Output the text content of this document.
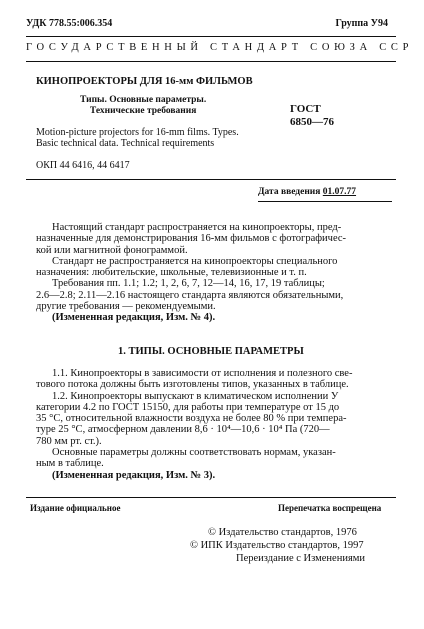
УДК 778.55:006.354	Группа У94
ГОСУДАРСТВЕННЫЙ СТАНДАРТ СОЮЗА ССР
КИНОПРОЕКТОРЫ ДЛЯ 16-мм ФИЛЬМОВ
Типы. Основные параметры.
Технические требования	ГОСТ
6850—76
Motion-picture projectors for 16-mm films. Types.
Basic technical data. Technical requirements
ОКП 44 6416, 44 6417
Дата введения 01.07.77
Настоящий стандарт распространяется на кинопроекторы, пред-
назначенные для демонстрирования 16-мм фильмов с фотографичес-
кой или магнитной фонограммой.
Стандарт не распространяется на кинопроекторы специального
назначения: любительские, школьные, телевизионные и т. п.
Требования пп. 1.1; 1.2; 1, 2, 6, 7, 12—14, 16, 17, 19 таблицы;
2.6—2.8; 2.11—2.16 настоящего стандарта являются обязательными,
другие требования — рекомендуемыми.
(Измененная редакция, Изм. № 4).
1. ТИПЫ. ОСНОВНЫЕ ПАРАМЕТРЫ
1.1. Кинопроекторы в зависимости от исполнения и полезного све-
тового потока должны быть изготовлены типов, указанных в таблице.
1.2. Кинопроекторы выпускают в климатическом исполнении У
категории 4.2 по ГОСТ 15150, для работы при температуре от 15 до
35 °С, относительной влажности воздуха не более 80 % при темпера-
туре 25 °С, атмосферном давлении 8,6 · 10⁴—10,6 · 10⁴ Па (720—
780 мм рт. ст.).
Основные параметры должны соответствовать нормам, указан-
ным в таблице.
(Измененная редакция, Изм. № 3).
Издание официальное	Перепечатка воспрещена
© Издательство стандартов, 1976
© ИПК Издательство стандартов, 1997
Переиздание с Изменениями
